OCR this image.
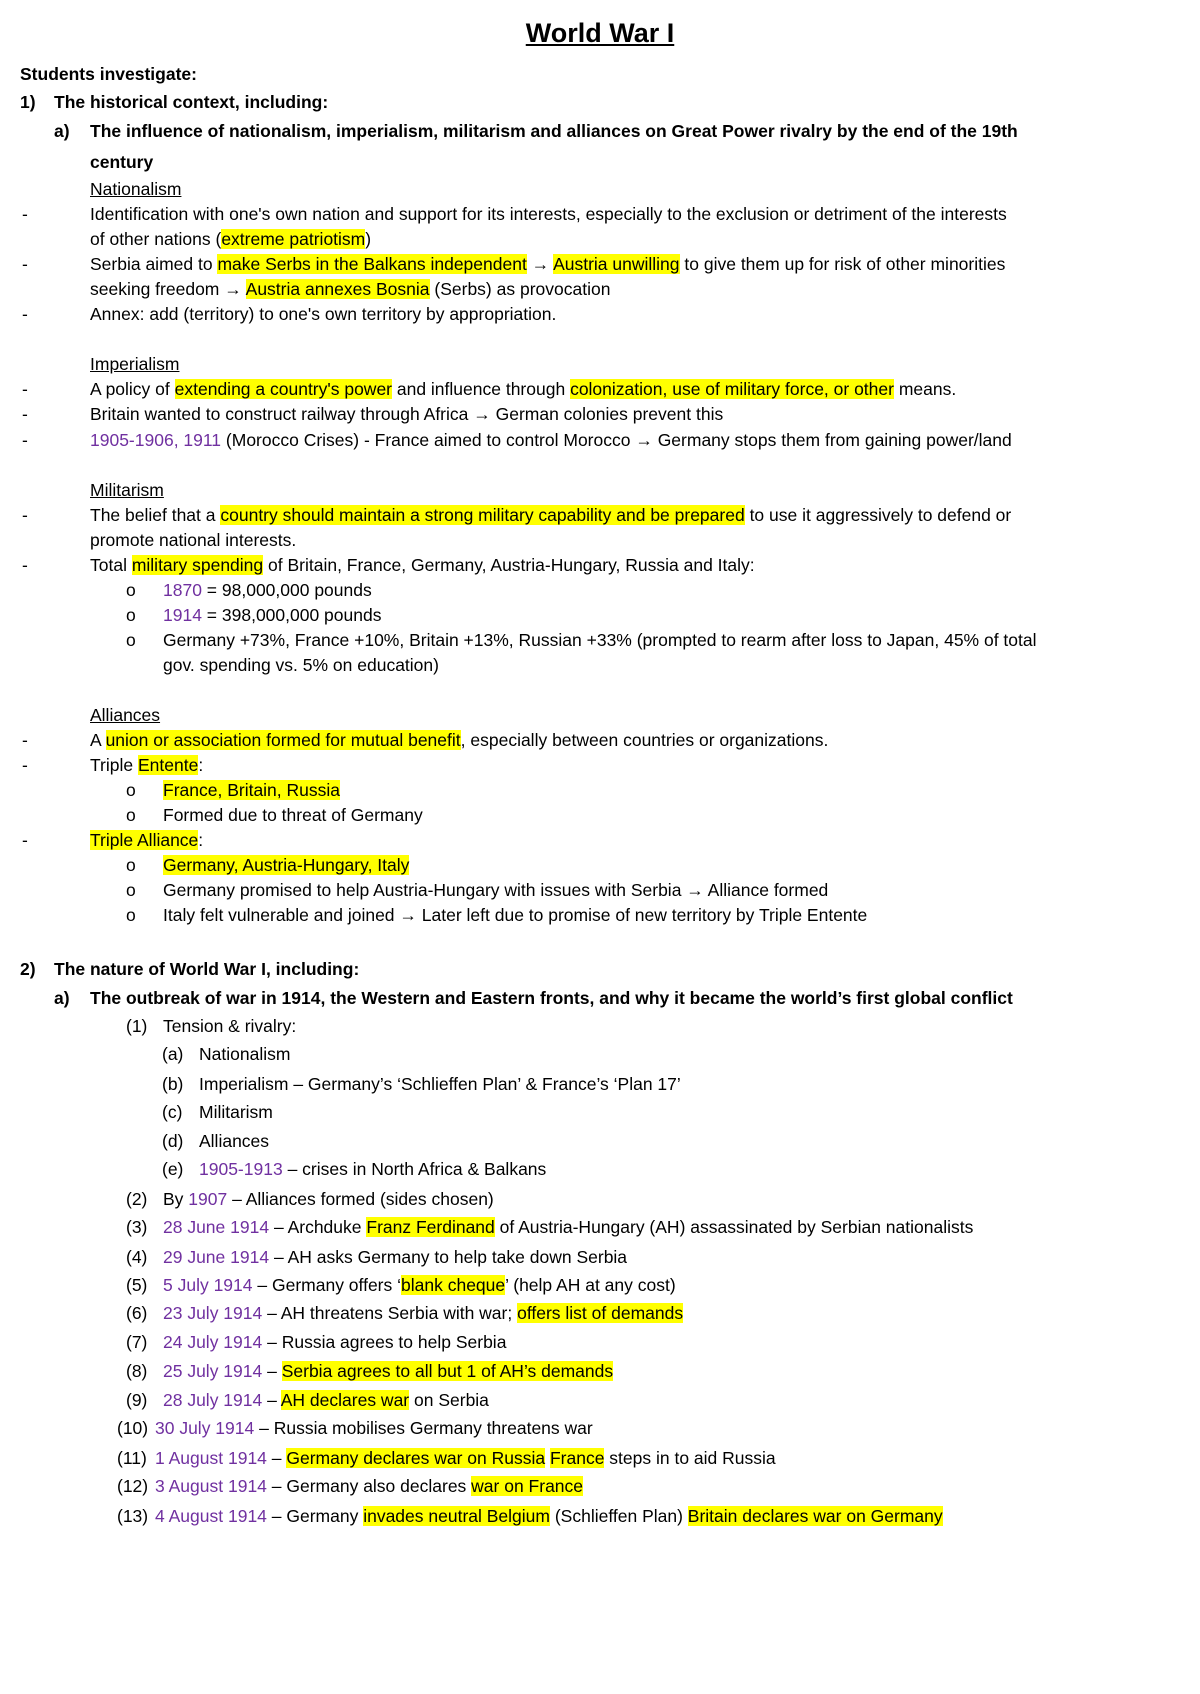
World War I
Students investigate:
1) The historical context, including:
a) The influence of nationalism, imperialism, militarism and alliances on Great Power rivalry by the end of the 19th
century
Nationalism
-	Identification with one's own nation and support for its interests, especially to the exclusion or detriment of the interests
of other nations (extreme patriotism)
-	Serbia aimed to make Serbs in the Balkans independent → Austria unwilling to give them up for risk of other minorities
seeking freedom → Austria annexes Bosnia (Serbs) as provocation
-	Annex: add (territory) to one's own territory by appropriation.
Imperialism
-	A policy of extending a country's power and influence through colonization, use of military force, or other means.
-	Britain wanted to construct railway through Africa → German colonies prevent this
-	1905-1906, 1911 (Morocco Crises) - France aimed to control Morocco → Germany stops them from gaining power/land
Militarism
-	The belief that a country should maintain a strong military capability and be prepared to use it aggressively to defend or
promote national interests.
-	Total military spending of Britain, France, Germany, Austria-Hungary, Russia and Italy:
o 1870 = 98,000,000 pounds
o 1914 = 398,000,000 pounds
o Germany +73%, France +10%, Britain +13%, Russian +33% (prompted to rearm after loss to Japan, 45% of total
gov. spending vs. 5% on education)
Alliances
-	A union or association formed for mutual benefit, especially between countries or organizations.
-	Triple Entente:
o France, Britain, Russia
o Formed due to threat of Germany
-	Triple Alliance:
o Germany, Austria-Hungary, Italy
o Germany promised to help Austria-Hungary with issues with Serbia → Alliance formed
o Italy felt vulnerable and joined → Later left due to promise of new territory by Triple Entente
2) The nature of World War I, including:
a) The outbreak of war in 1914, the Western and Eastern fronts, and why it became the world’s first global conflict
(1) Tension & rivalry:
(a) Nationalism
(b) Imperialism – Germany’s ‘Schlieffen Plan’ & France’s ‘Plan 17’
(c) Militarism
(d) Alliances
(e) 1905-1913 – crises in North Africa & Balkans
(2) By 1907 – Alliances formed (sides chosen)
(3) 28 June 1914 – Archduke Franz Ferdinand of Austria-Hungary (AH) assassinated by Serbian nationalists
(4) 29 June 1914 – AH asks Germany to help take down Serbia
(5) 5 July 1914 – Germany offers ‘blank cheque’ (help AH at any cost)
(6) 23 July 1914 – AH threatens Serbia with war; offers list of demands
(7) 24 July 1914 – Russia agrees to help Serbia
(8) 25 July 1914 – Serbia agrees to all but 1 of AH’s demands
(9) 28 July 1914 – AH declares war on Serbia
(10) 30 July 1914 – Russia mobilises Germany threatens war
(11) 1 August 1914 – Germany declares war on Russia France steps in to aid Russia
(12) 3 August 1914 – Germany also declares war on France
(13) 4 August 1914 – Germany invades neutral Belgium (Schlieffen Plan) Britain declares war on Germany
